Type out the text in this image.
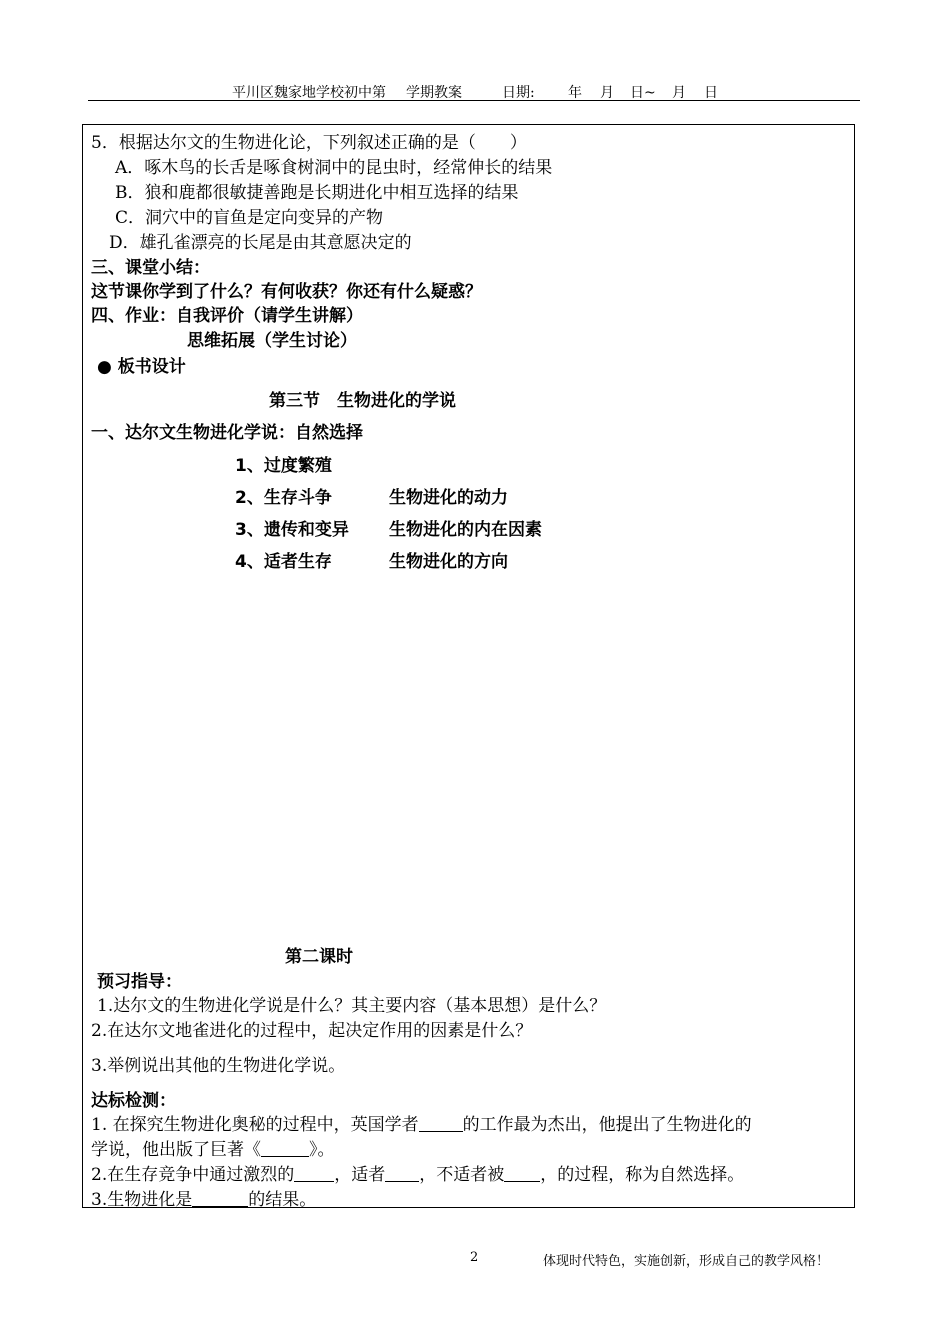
平川区魏家地学校初中第 学期教案	日期: 年 月 日~ 月 日
5．根据达尔文的生物进化论，下列叙述正确的是（　　）
A．啄木鸟的长舌是啄食树洞中的昆虫时，经常伸长的结果
B．狼和鹿都很敏捷善跑是长期进化中相互选择的结果
C．洞穴中的盲鱼是定向变异的产物
D．雄孔雀漂亮的长尾是由其意愿决定的
三、课堂小结：
这节课你学到了什么？有何收获？你还有什么疑惑？
四、作业：自我评价（请学生讲解）
思维拓展（学生讨论）
● 板书设计
第三节　生物进化的学说
一、达尔文生物进化学说：自然选择
1、过度繁殖
2、生存斗争	生物进化的动力
3、遗传和变异 生物进化的内在因素
4、适者生存	生物进化的方向
第二课时
预习指导：
1.达尔文的生物进化学说是什么？其主要内容（基本思想）是什么？
2.在达尔文地雀进化的过程中，起决定作用的因素是什么？
3.举例说出其他的生物进化学说。
达标检测：
1. 在探究生物进化奥秘的过程中，英国学者	的工作最为杰出，他提出了生物进化的
学说，他出版了巨著《	》。
2.在生存竞争中通过激烈的 ，适者 ，不适者被 ，的过程，称为自然选择。
3.生物进化是	的结果。
2	体现时代特色，实施创新，形成自己的教学风格！
